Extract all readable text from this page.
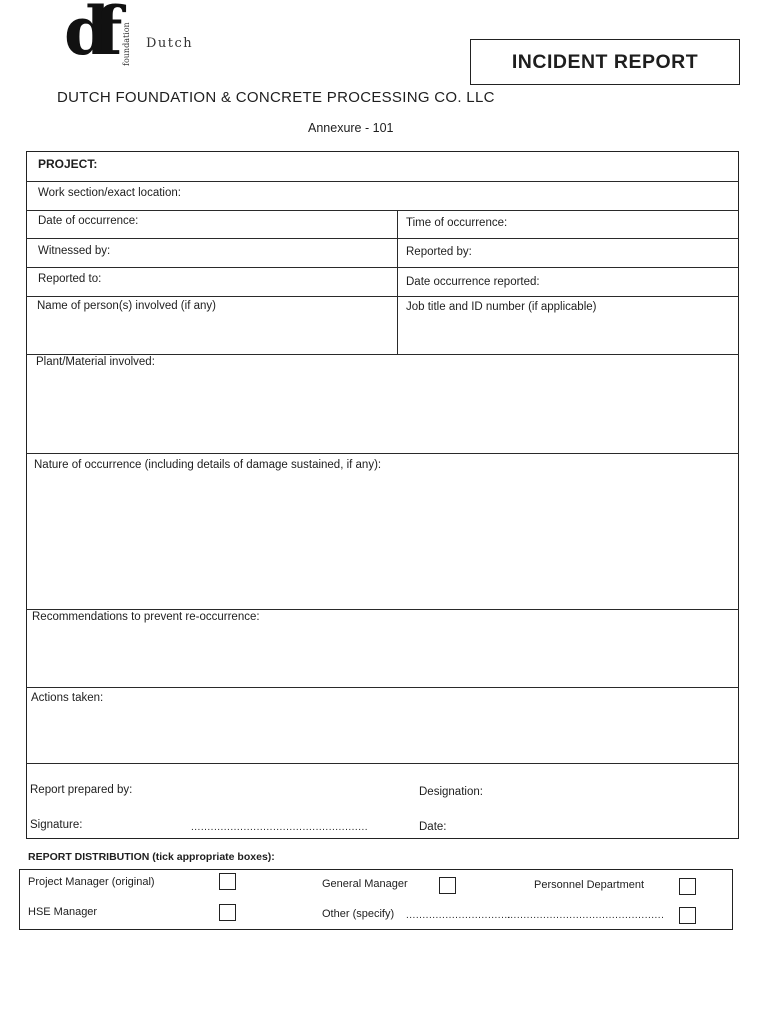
df	Dutch
foundation
DUTCH FOUNDATION & CONCRETE PROCESSING CO. LLC
INCIDENT REPORT
Annexure - 101
PROJECT:
Work section/exact location:
Date of occurrence:	Time of occurrence:
Witnessed by:	Reported by:
Reported to:	Date occurrence reported:
Name of person(s) involved (if any)	Job title and ID number (if applicable)
Plant/Material involved:
Nature of occurrence (including details of damage sustained, if any):
Recommendations to prevent re-occurrence:
Actions taken:
Report prepared by:	Designation:
Signature:	......................................................	Date:
REPORT DISTRIBUTION (tick appropriate boxes):
Project Manager (original)	General Manager	Personnel Department
HSE Manager	Other (specify) ................................
................................................
